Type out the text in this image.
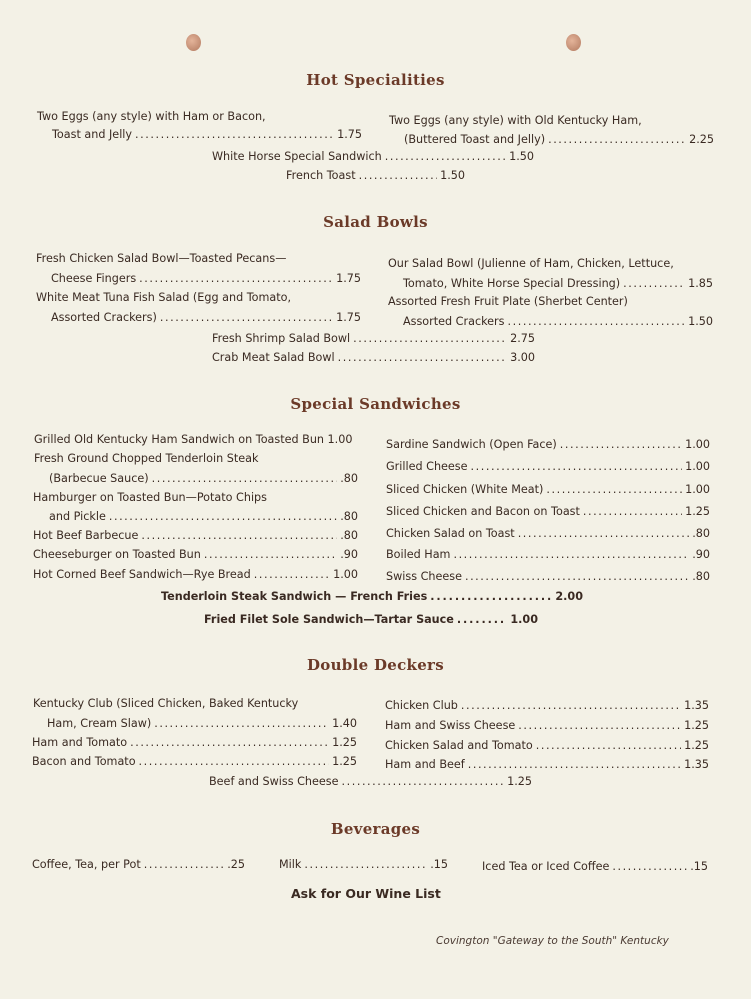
Hot Specialities
Two Eggs (any style) with Ham or Bacon,
Toast and Jelly . . .	1.75
Two Eggs (any style) with Old Kentucky Ham,
(Buttered Toast and Jelly) . . .	2.25
White Horse Special Sandwich . . .	1.50
French Toast . . .	1.50
Salad Bowls
Fresh Chicken Salad Bowl—Toasted Pecans—
Cheese Fingers . . .	1.75
White Meat Tuna Fish Salad (Egg and Tomato,
Assorted Crackers) . . .	1.75
Our Salad Bowl (Julienne of Ham, Chicken, Lettuce,
Tomato, White Horse Special Dressing) . . .	1.85
Assorted Fresh Fruit Plate (Sherbet Center)
Assorted Crackers . . .	1.50
Fresh Shrimp Salad Bowl . . .	2.75
Crab Meat Salad Bowl . . .	3.00
Special Sandwiches
Grilled Old Kentucky Ham Sandwich on Toasted Bun 1.00
Fresh Ground Chopped Tenderloin Steak
(Barbecue Sauce) . . .	.80
Hamburger on Toasted Bun—Potato Chips
and Pickle . . .	.80
Hot Beef Barbecue . . .	.80
Cheeseburger on Toasted Bun . . .	.90
Hot Corned Beef Sandwich—Rye Bread . . .	1.00
Sardine Sandwich (Open Face) . . .	1.00
Grilled Cheese . . .	1.00
Sliced Chicken (White Meat) . . .	1.00
Sliced Chicken and Bacon on Toast . . .	1.25
Chicken Salad on Toast . . .	.80
Boiled Ham . . .	.90
Swiss Cheese . . .	.80
Tenderloin Steak Sandwich — French Fries . . .	2.00
Fried Filet Sole Sandwich—Tartar Sauce . . .	1.00
Double Deckers
Kentucky Club (Sliced Chicken, Baked Kentucky
Ham, Cream Slaw) . . .	1.40
Ham and Tomato . . .	1.25
Bacon and Tomato . . .	1.25
Chicken Club . . .	1.35
Ham and Swiss Cheese . . .	1.25
Chicken Salad and Tomato . . .	1.25
Ham and Beef . . .	1.35
Beef and Swiss Cheese . . .	1.25
Beverages
Coffee, Tea, per Pot . . .	.25	Milk . . .	.15	Iced Tea or Iced Coffee . . .	.15
Ask for Our Wine List
Covington "Gateway to the South" Kentucky
